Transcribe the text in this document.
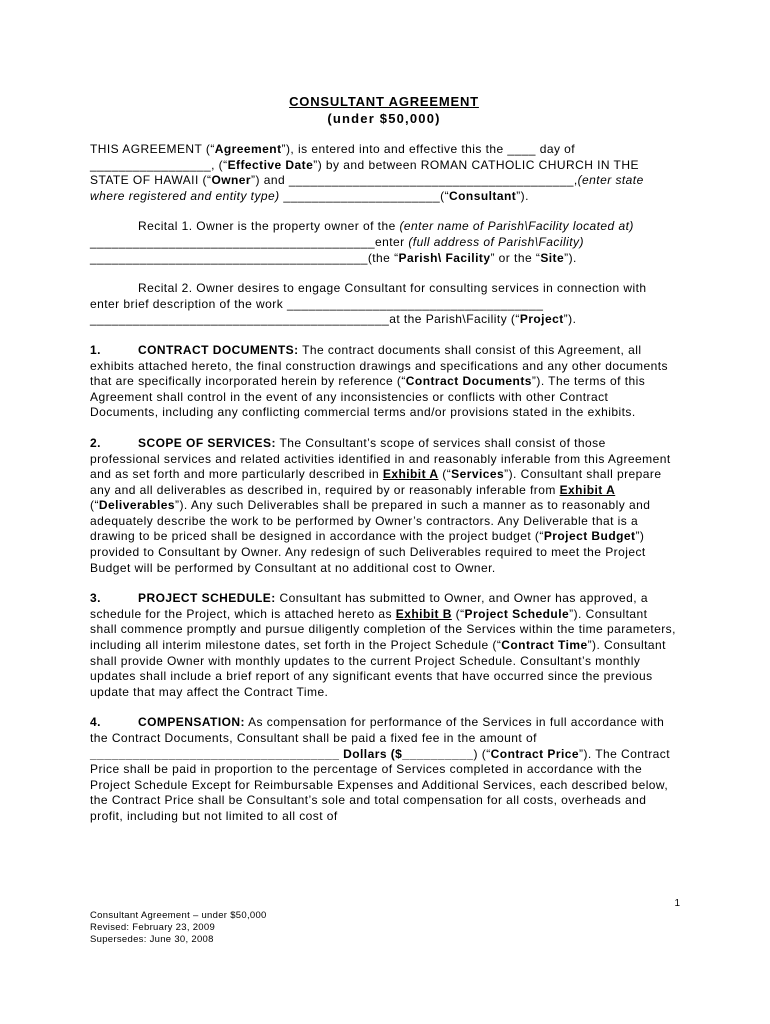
CONSULTANT AGREEMENT

(under $50,000)

THIS AGREEMENT (“Agreement”), is entered into and effective this the ____ day of _________________, (“Effective Date”) by and between ROMAN CATHOLIC CHURCH IN THE STATE OF HAWAII (“Owner”) and ________________________________________,(enter state where registered and entity type) ______________________(“Consultant”).

Recital 1. Owner is the property owner of the (enter name of Parish\Facility located at) ________________________________________enter (full address of Parish\Facility) _______________________________________(the “Parish\ Facility” or the “Site”).

Recital 2. Owner desires to engage Consultant for consulting services in connection with enter brief description of the work ____________________________________ __________________________________________at the Parish\Facility (“Project”).

1.	CONTRACT DOCUMENTS: The contract documents shall consist of this Agreement, all exhibits attached hereto, the final construction drawings and specifications and any other documents that are specifically incorporated herein by reference (“Contract Documents”). The terms of this Agreement shall control in the event of any inconsistencies or conflicts with other Contract Documents, including any conflicting commercial terms and/or provisions stated in the exhibits.

2.	SCOPE OF SERVICES: The Consultant’s scope of services shall consist of those professional services and related activities identified in and reasonably inferable from this Agreement and as set forth and more particularly described in Exhibit A (“Services”). Consultant shall prepare any and all deliverables as described in, required by or reasonably inferable from Exhibit A (“Deliverables”). Any such Deliverables shall be prepared in such a manner as to reasonably and adequately describe the work to be performed by Owner’s contractors. Any Deliverable that is a drawing to be priced shall be designed in accordance with the project budget (“Project Budget”) provided to Consultant by Owner. Any redesign of such Deliverables required to meet the Project Budget will be performed by Consultant at no additional cost to Owner.

3.	PROJECT SCHEDULE: Consultant has submitted to Owner, and Owner has approved, a schedule for the Project, which is attached hereto as Exhibit B (“Project Schedule”). Consultant shall commence promptly and pursue diligently completion of the Services within the time parameters, including all interim milestone dates, set forth in the Project Schedule (“Contract Time”). Consultant shall provide Owner with monthly updates to the current Project Schedule. Consultant’s monthly updates shall include a brief report of any significant events that have occurred since the previous update that may affect the Contract Time.

4.	COMPENSATION: As compensation for performance of the Services in full accordance with the Contract Documents, Consultant shall be paid a fixed fee in the amount of ___________________________________ Dollars ($__________) (“Contract Price”). The Contract Price shall be paid in proportion to the percentage of Services completed in accordance with the Project Schedule Except for Reimbursable Expenses and Additional Services, each described below, the Contract Price shall be Consultant’s sole and total compensation for all costs, overheads and profit, including but not limited to all cost of

1
Consultant Agreement – under $50,000
Revised: February 23, 2009
Supersedes: June 30, 2008
